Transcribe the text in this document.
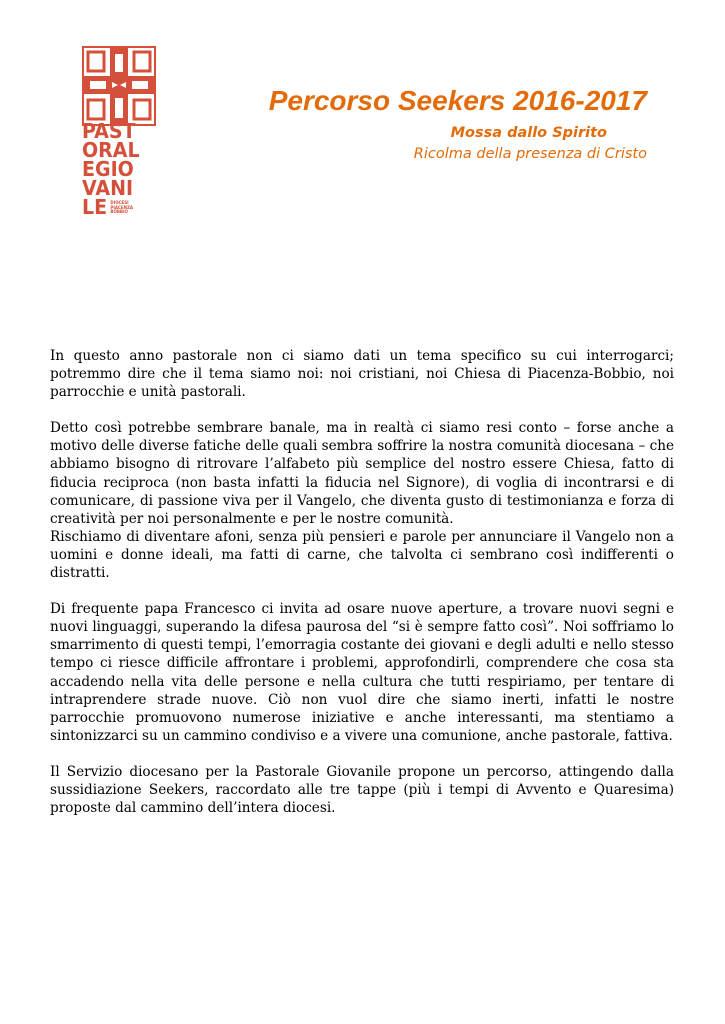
PAST
ORAL
EGIO
VANI
LE DIOCESI
PIACENZA
BOBBIO
Percorso Seekers 2016-2017
Mossa dallo Spirito
Ricolma della presenza di Cristo

In questo anno pastorale non ci siamo dati un tema specifico su cui interrogarci; potremmo dire che il tema siamo noi: noi cristiani, noi Chiesa di Piacenza-Bobbio, noi parrocchie e unità pastorali.

Detto così potrebbe sembrare banale, ma in realtà ci siamo resi conto – forse anche a motivo delle diverse fatiche delle quali sembra soffrire la nostra comunità diocesana – che abbiamo bisogno di ritrovare l’alfabeto più semplice del nostro essere Chiesa, fatto di fiducia reciproca (non basta infatti la fiducia nel Signore), di voglia di incontrarsi e di comunicare, di passione viva per il Vangelo, che diventa gusto di testimonianza e forza di creatività per noi personalmente e per le nostre comunità.

Rischiamo di diventare afoni, senza più pensieri e parole per annunciare il Vangelo non a uomini e donne ideali, ma fatti di carne, che talvolta ci sembrano così indifferenti o distratti.

Di frequente papa Francesco ci invita ad osare nuove aperture, a trovare nuovi segni e nuovi linguaggi, superando la difesa paurosa del “si è sempre fatto così”. Noi soffriamo lo smarrimento di questi tempi, l’emorragia costante dei giovani e degli adulti e nello stesso tempo ci riesce difficile affrontare i problemi, approfondirli, comprendere che cosa sta accadendo nella vita delle persone e nella cultura che tutti respiriamo, per tentare di intraprendere strade nuove. Ciò non vuol dire che siamo inerti, infatti le nostre parrocchie promuovono numerose iniziative e anche interessanti, ma stentiamo a sintonizzarci su un cammino condiviso e a vivere una comunione, anche pastorale, fattiva.

Il Servizio diocesano per la Pastorale Giovanile propone un percorso, attingendo dalla sussidiazione Seekers, raccordato alle tre tappe (più i tempi di Avvento e Quaresima) proposte dal cammino dell’intera diocesi.
